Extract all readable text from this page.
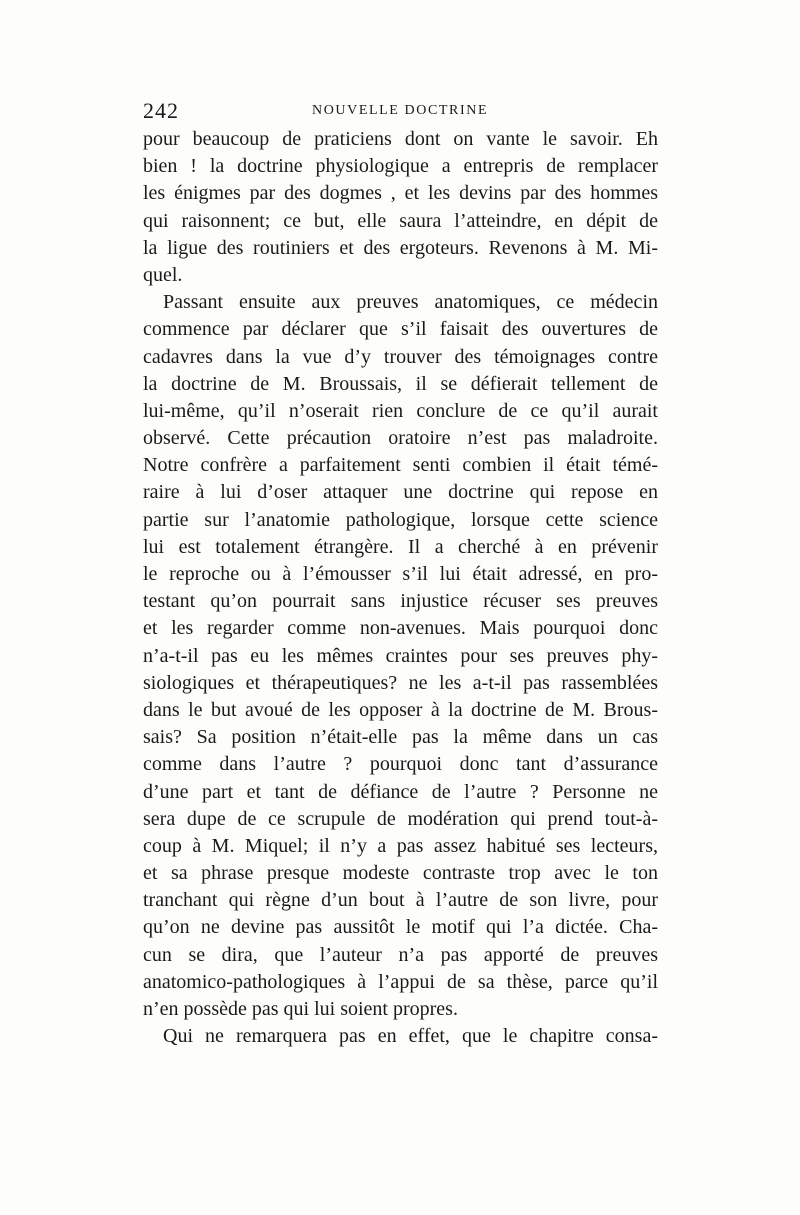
242	NOUVELLE DOCTRINE
pour beaucoup de praticiens dont on vante le savoir. Eh
bien ! la doctrine physiologique a entrepris de remplacer
les énigmes par des dogmes , et les devins par des hommes
qui raisonnent; ce but, elle saura l’atteindre, en dépit de
la ligue des routiniers et des ergoteurs. Revenons à M. Mi-
quel.
Passant ensuite aux preuves anatomiques, ce médecin
commence par déclarer que s’il faisait des ouvertures de
cadavres dans la vue d’y trouver des témoignages contre
la doctrine de M. Broussais, il se défierait tellement de
lui-même, qu’il n’oserait rien conclure de ce qu’il aurait
observé. Cette précaution oratoire n’est pas maladroite.
Notre confrère a parfaitement senti combien il était témé-
raire à lui d’oser attaquer une doctrine qui repose en
partie sur l’anatomie pathologique, lorsque cette science
lui est totalement étrangère. Il a cherché à en prévenir
le reproche ou à l’émousser s’il lui était adressé, en pro-
testant qu’on pourrait sans injustice récuser ses preuves
et les regarder comme non-avenues. Mais pourquoi donc
n’a-t-il pas eu les mêmes craintes pour ses preuves phy-
siologiques et thérapeutiques? ne les a-t-il pas rassemblées
dans le but avoué de les opposer à la doctrine de M. Brous-
sais? Sa position n’était-elle pas la même dans un cas
comme dans l’autre ? pourquoi donc tant d’assurance
d’une part et tant de défiance de l’autre ? Personne ne
sera dupe de ce scrupule de modération qui prend tout-à-
coup à M. Miquel; il n’y a pas assez habitué ses lecteurs,
et sa phrase presque modeste contraste trop avec le ton
tranchant qui règne d’un bout à l’autre de son livre, pour
qu’on ne devine pas aussitôt le motif qui l’a dictée. Cha-
cun se dira, que l’auteur n’a pas apporté de preuves
anatomico-pathologiques à l’appui de sa thèse, parce qu’il
n’en possède pas qui lui soient propres.
Qui ne remarquera pas en effet, que le chapitre consa-
